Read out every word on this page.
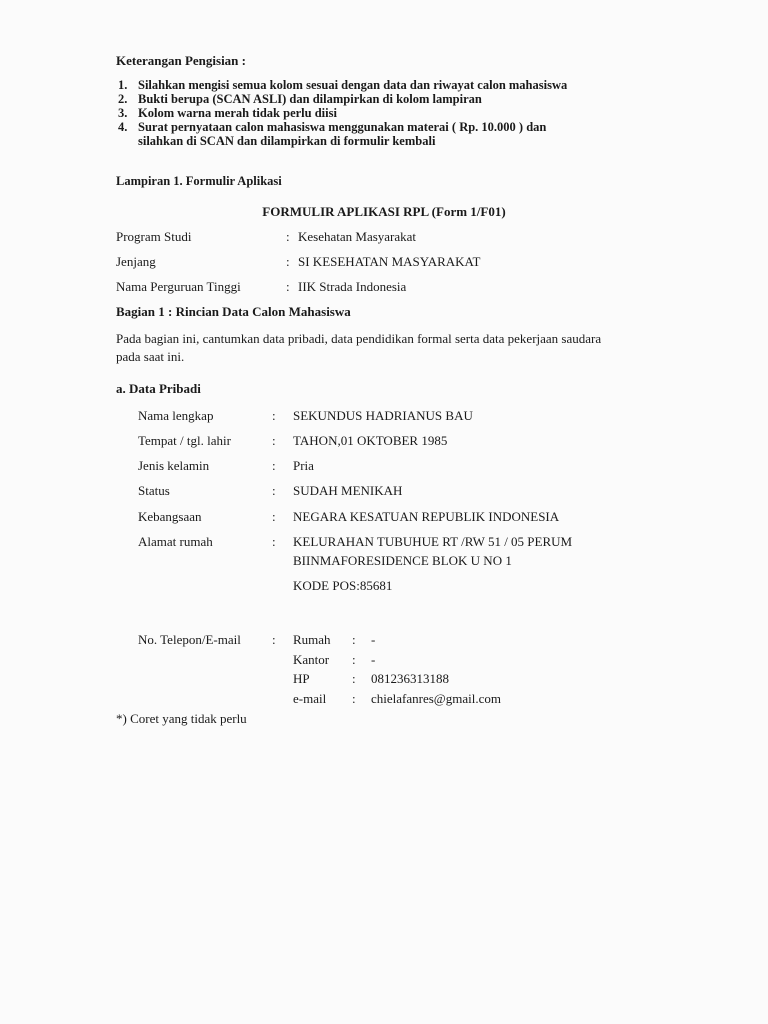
Keterangan Pengisian :
1. Silahkan mengisi semua kolom sesuai dengan data dan riwayat calon mahasiswa
2. Bukti berupa (SCAN ASLI) dan dilampirkan di kolom lampiran
3. Kolom warna merah tidak perlu diisi
4. Surat pernyataan calon mahasiswa menggunakan materai ( Rp. 10.000 ) dan
silahkan di SCAN dan dilampirkan di formulir kembali
Lampiran 1. Formulir Aplikasi
FORMULIR APLIKASI RPL (Form 1/F01)
Program Studi	: Kesehatan Masyarakat
Jenjang	: SI KESEHATAN MASYARAKAT
Nama Perguruan Tinggi	: IIK Strada Indonesia
Bagian 1 : Rincian Data Calon Mahasiswa
Pada bagian ini, cantumkan data pribadi, data pendidikan formal serta data pekerjaan saudara
pada saat ini.
a. Data Pribadi
Nama lengkap	: SEKUNDUS HADRIANUS BAU
Tempat / tgl. lahir	: TAHON,01 OKTOBER 1985
Jenis kelamin	: Pria
Status	: SUDAH MENIKAH
Kebangsaan	: NEGARA KESATUAN REPUBLIK INDONESIA
Alamat rumah	: KELURAHAN TUBUHUE RT /RW 51 / 05 PERUM
BIINMAFORESIDENCE BLOK U NO 1
KODE POS:85681
No. Telepon/E-mail : Rumah : -
Kantor : -
HP	: 081236313188
e-mail : chielafanres@gmail.com
*) Coret yang tidak perlu
